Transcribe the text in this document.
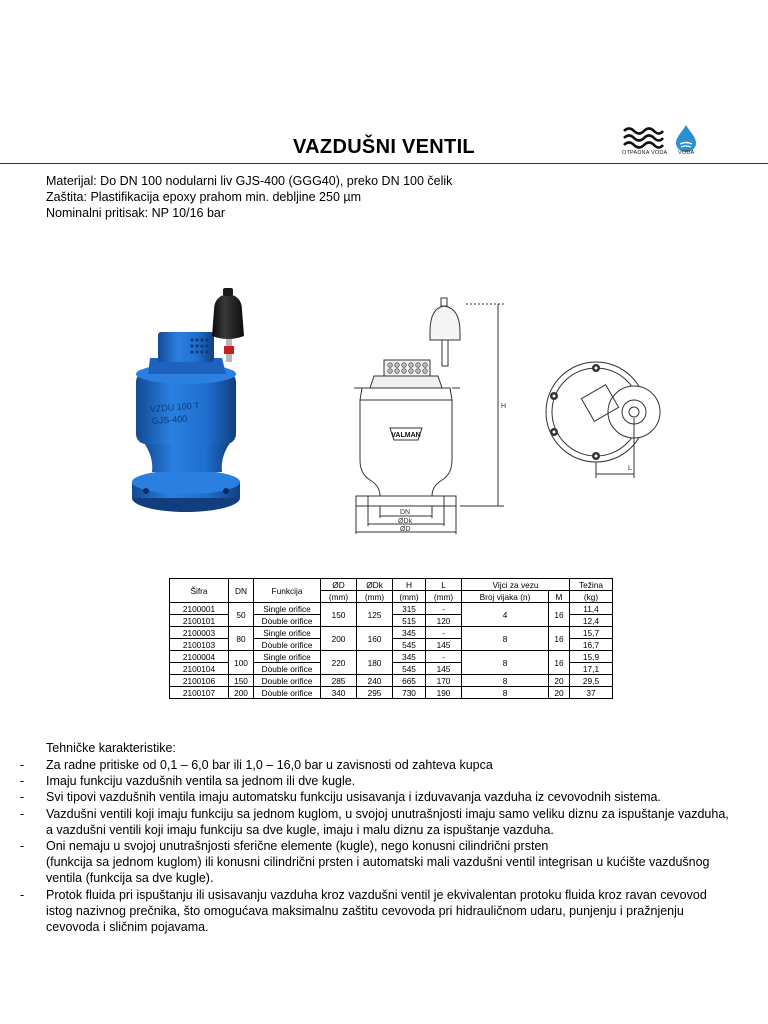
VAZDUŠNI VENTIL	OTPADNA VODA VODA
Materijal: Do DN 100 nodularni liv GJS-400 (GGG40), preko DN 100 čelik
Zaštita: Plastifikacija epoxy prahom min. debljine 250 µm
Nominalni pritisak: NP 10/16 bar
VZDU 100 T
GJS-400
VALMAN
H
DN
ØDk
ØD
L
Šifra	DN	Funkcija	ØD	ØDk	H	L	Vijci za vezu		Težina
			(mm)	(mm)	(mm)	(mm)	Broj vijaka (n)	M	(kg)
2100001	50	Single orifice	150	125	315	-	4	16	11,4
2100101		Double orifice			515	120			12,4
2100003	80	Single orifice	200	160	345	-	8	16	15,7
2100103		Double orifice			545	145			16,7
2100004	100	Single orifice	220	180	345	-	8	16	15,9
2100104		Double orifice			545	145			17,1
2100106	150	Double orifice	285	240	665	170	8	20	29,5
2100107	200	Double orifice	340	295	730	190	8	20	37
Tehničke karakteristike:
- Za radne pritiske od 0,1 – 6,0 bar ili 1,0 – 16,0 bar u zavisnosti od zahteva kupca
- Imaju funkciju vazdušnih ventila sa jednom ili dve kugle.
- Svi tipovi vazdušnih ventila imaju automatsku funkciju usisavanja i izduvavanja vazduha iz cevovodnih sistema.
- Vazdušni ventili koji imaju funkciju sa jednom kuglom, u svojoj unutrašnjosti imaju samo veliku diznu za ispuštanje vazduha,
a vazdušni ventili koji imaju funkciju sa dve kugle, imaju i malu diznu za ispuštanje vazduha.
- Oni nemaju u svojoj unutrašnjosti sferične elemente (kugle), nego konusni cilindrični prsten
(funkcija sa jednom kuglom) ili konusni cilindrični prsten i automatski mali vazdušni ventil integrisan u kućište vazdušnog
ventila (funkcija sa dve kugle).
- Protok fluida pri ispuštanju ili usisavanju vazduha kroz vazdušni ventil je ekvivalentan protoku fluida kroz ravan cevovod
istog nazivnog prečnika, što omogućava maksimalnu zaštitu cevovoda pri hidrauličnom udaru, punjenju i pražnjenju
cevovoda i sličnim pojavama.
